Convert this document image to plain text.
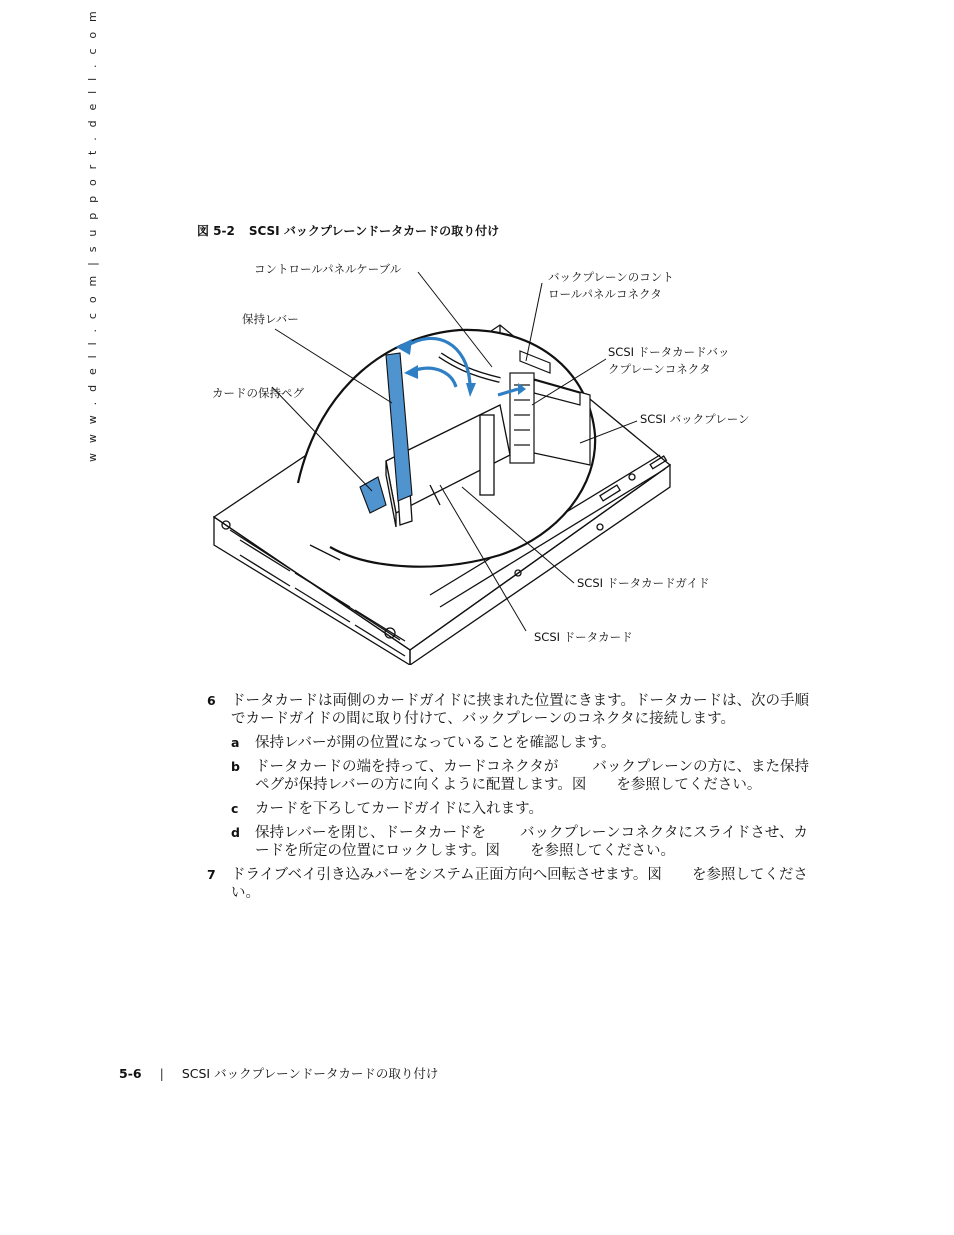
w w w . d e l l . c o m | s u p p o r t . d e l l . c o m	図 5-2 SCSI バックプレーンドータカードの取り付け
コントロールパネルケーブル
バックプレーンのコント
ロールパネルコネクタ
保持レバー
SCSI ドータカードバッ
クプレーンコネクタ
カードの保持ペグ
SCSI バックプレーン
SCSI ドータカードガイド
SCSI ドータカード
6 ドータカードは両側のカードガイドに挟まれた位置にきます。ドータカードは、次の手順でカードガイドの間に取り付けて、バックプレーンのコネクタに接続します。
a 保持レバーが開の位置になっていることを確認します。
b ドータカードの端を持って、カードコネクタが バックプレーンの方に、また保持ペグが保持レバーの方に向くように配置します。図 を参照してください。
c カードを下ろしてカードガイドに入れます。
d 保持レバーを閉じ、ドータカードを バックプレーンコネクタにスライドさせ、カードを所定の位置にロックします。図 を参照してください。
7 ドライブベイ引き込みバーをシステム正面方向へ回転させます。図 を参照してください。
5-6 | SCSI バックプレーンドータカードの取り付け
